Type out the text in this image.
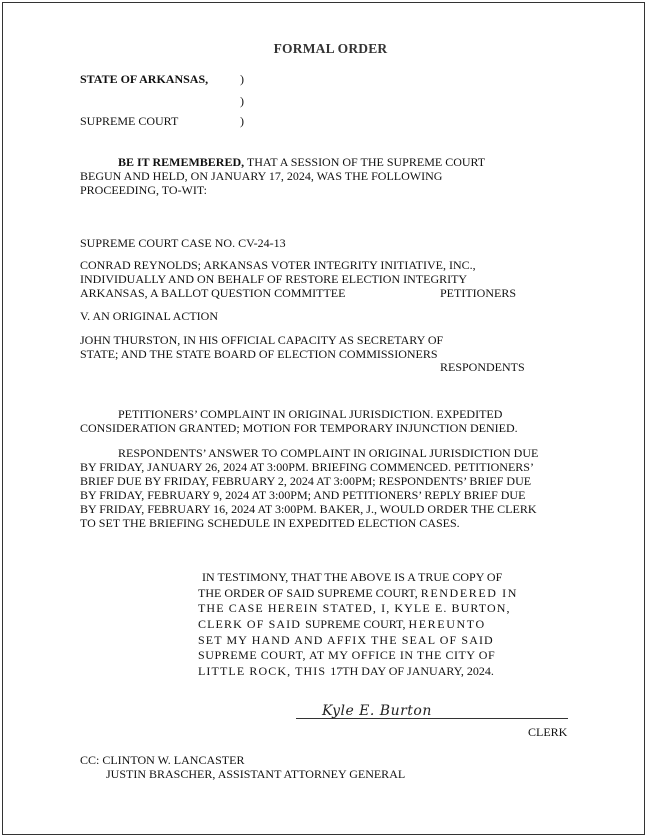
FORMAL ORDER
STATE OF ARKANSAS,	)
)
SUPREME COURT	)
BE IT REMEMBERED, THAT A SESSION OF THE SUPREME COURT
BEGUN AND HELD, ON JANUARY 17, 2024, WAS THE FOLLOWING
PROCEEDING, TO-WIT:
SUPREME COURT CASE NO. CV-24-13
CONRAD REYNOLDS; ARKANSAS VOTER INTEGRITY INITIATIVE, INC.,
INDIVIDUALLY AND ON BEHALF OF RESTORE ELECTION INTEGRITY
ARKANSAS, A BALLOT QUESTION COMMITTEE	PETITIONERS
V. AN ORIGINAL ACTION
JOHN THURSTON, IN HIS OFFICIAL CAPACITY AS SECRETARY OF
STATE; AND THE STATE BOARD OF ELECTION COMMISSIONERS
RESPONDENTS
PETITIONERS’ COMPLAINT IN ORIGINAL JURISDICTION. EXPEDITED
CONSIDERATION GRANTED; MOTION FOR TEMPORARY INJUNCTION DENIED.
RESPONDENTS’ ANSWER TO COMPLAINT IN ORIGINAL JURISDICTION DUE
BY FRIDAY, JANUARY 26, 2024 AT 3:00PM. BRIEFING COMMENCED. PETITIONERS’
BRIEF DUE BY FRIDAY, FEBRUARY 2, 2024 AT 3:00PM; RESPONDENTS’ BRIEF DUE
BY FRIDAY, FEBRUARY 9, 2024 AT 3:00PM; AND PETITIONERS’ REPLY BRIEF DUE
BY FRIDAY, FEBRUARY 16, 2024 AT 3:00PM. BAKER, J., WOULD ORDER THE CLERK
TO SET THE BRIEFING SCHEDULE IN EXPEDITED ELECTION CASES.
IN TESTIMONY, THAT THE ABOVE IS A TRUE COPY OF
THE ORDER OF SAID SUPREME COURT, RENDERED IN
THE CASE HEREIN STATED, I, KYLE E. BURTON,
CLERK OF SAID SUPREME COURT, HEREUNTO
SET MY HAND AND AFFIX THE SEAL OF SAID
SUPREME COURT, AT MY OFFICE IN THE CITY OF
LITTLE ROCK, THIS 17TH DAY OF JANUARY, 2024.
Kyle E. Burton
CLERK
CC: CLINTON W. LANCASTER
JUSTIN BRASCHER, ASSISTANT ATTORNEY GENERAL
